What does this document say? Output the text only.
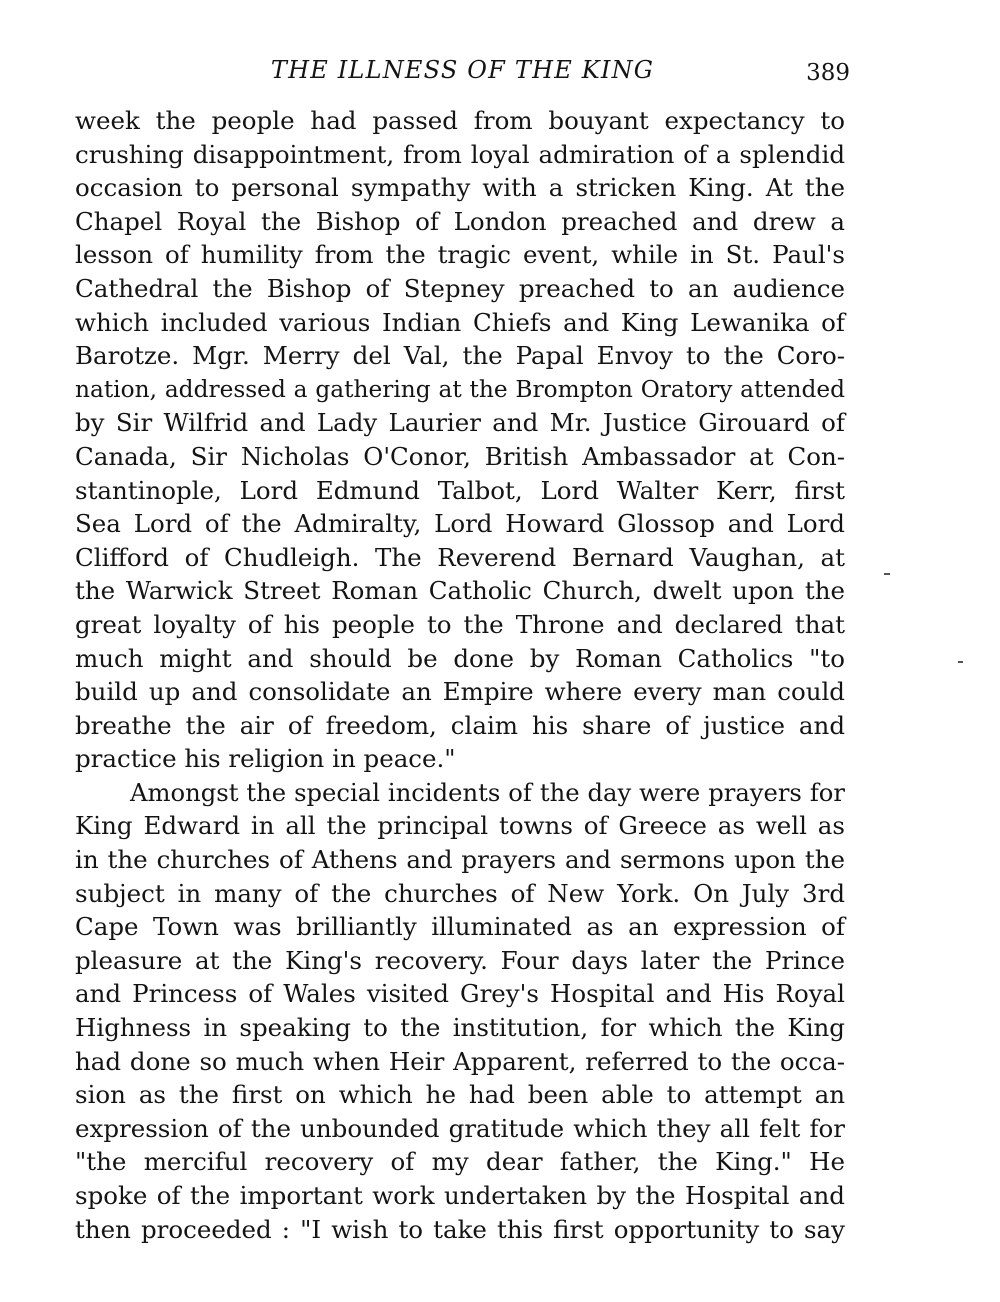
THE ILLNESS OF THE KING	389
week the people had passed from bouyant expectancy to
crushing disappointment, from loyal admiration of a splendid
occasion to personal sympathy with a stricken King. At the
Chapel Royal the Bishop of London preached and drew a
lesson of humility from the tragic event, while in St. Paul's
Cathedral the Bishop of Stepney preached to an audience
which included various Indian Chiefs and King Lewanika of
Barotze. Mgr. Merry del Val, the Papal Envoy to the Coro-
nation, addressed a gathering at the Brompton Oratory attended
by Sir Wilfrid and Lady Laurier and Mr. Justice Girouard of
Canada, Sir Nicholas O'Conor, British Ambassador at Con-
stantinople, Lord Edmund Talbot, Lord Walter Kerr, first
Sea Lord of the Admiralty, Lord Howard Glossop and Lord
Clifford of Chudleigh. The Reverend Bernard Vaughan, at
the Warwick Street Roman Catholic Church, dwelt upon the
great loyalty of his people to the Throne and declared that
much might and should be done by Roman Catholics "to
build up and consolidate an Empire where every man could
breathe the air of freedom, claim his share of justice and
practice his religion in peace."
Amongst the special incidents of the day were prayers for
King Edward in all the principal towns of Greece as well as
in the churches of Athens and prayers and sermons upon the
subject in many of the churches of New York. On July 3rd
Cape Town was brilliantly illuminated as an expression of
pleasure at the King's recovery. Four days later the Prince
and Princess of Wales visited Grey's Hospital and His Royal
Highness in speaking to the institution, for which the King
had done so much when Heir Apparent, referred to the occa-
sion as the first on which he had been able to attempt an
expression of the unbounded gratitude which they all felt for
"the merciful recovery of my dear father, the King." He
spoke of the important work undertaken by the Hospital and
then proceeded : "I wish to take this first opportunity to say
